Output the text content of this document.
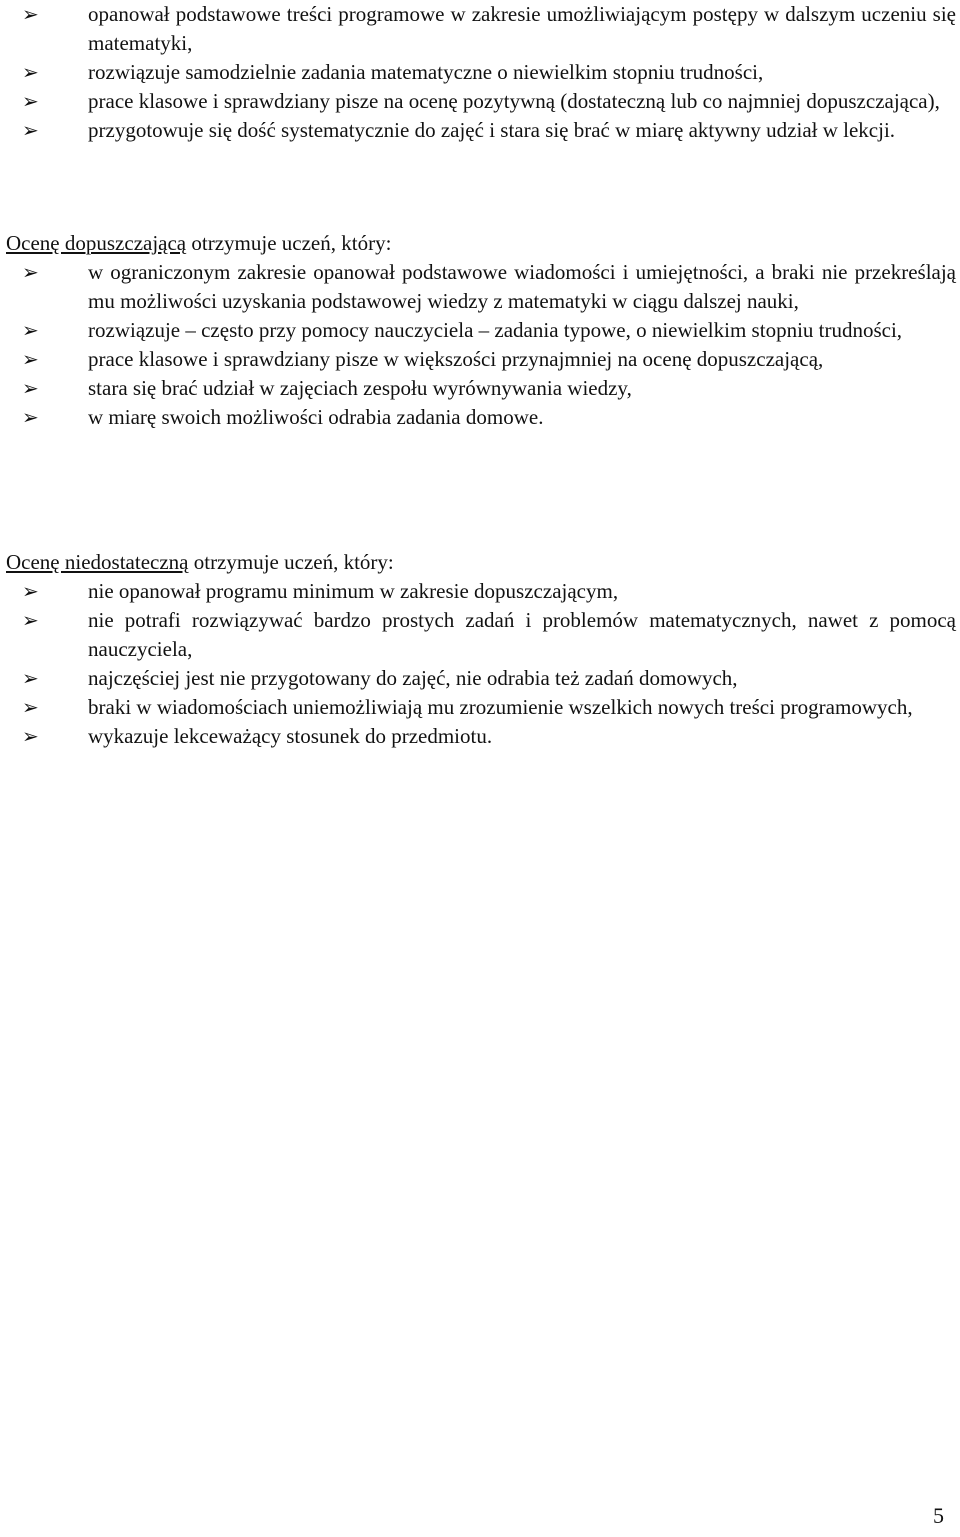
➢ opanował podstawowe treści programowe w zakresie umożliwiającym postępy w dalszym uczeniu się matematyki,
➢ rozwiązuje samodzielnie zadania matematyczne o niewielkim stopniu trudności,
➢ prace klasowe i sprawdziany pisze na ocenę pozytywną (dostateczną lub co najmniej dopuszczająca),
➢ przygotowuje się dość systematycznie do zajęć i stara się brać w miarę aktywny udział w lekcji.

Ocenę dopuszczającą otrzymuje uczeń, który:

➢ w ograniczonym zakresie opanował podstawowe wiadomości i umiejętności, a braki nie przekreślają mu możliwości uzyskania podstawowej wiedzy z matematyki w ciągu dalszej nauki,
➢ rozwiązuje – często przy pomocy nauczyciela – zadania typowe, o niewielkim stopniu trudności,
➢ prace klasowe i sprawdziany pisze w większości przynajmniej na ocenę dopuszczającą,
➢ stara się brać udział w zajęciach zespołu wyrównywania wiedzy,
➢ w miarę swoich możliwości odrabia zadania domowe.

Ocenę niedostateczną otrzymuje uczeń, który:

➢ nie opanował programu minimum w zakresie dopuszczającym,
➢ nie potrafi rozwiązywać bardzo prostych zadań i problemów matematycznych, nawet z pomocą nauczyciela,
➢ najczęściej jest nie przygotowany do zajęć, nie odrabia też zadań domowych,
➢ braki w wiadomościach uniemożliwiają mu zrozumienie wszelkich nowych treści programowych,
➢ wykazuje lekceważący stosunek do przedmiotu.
5
